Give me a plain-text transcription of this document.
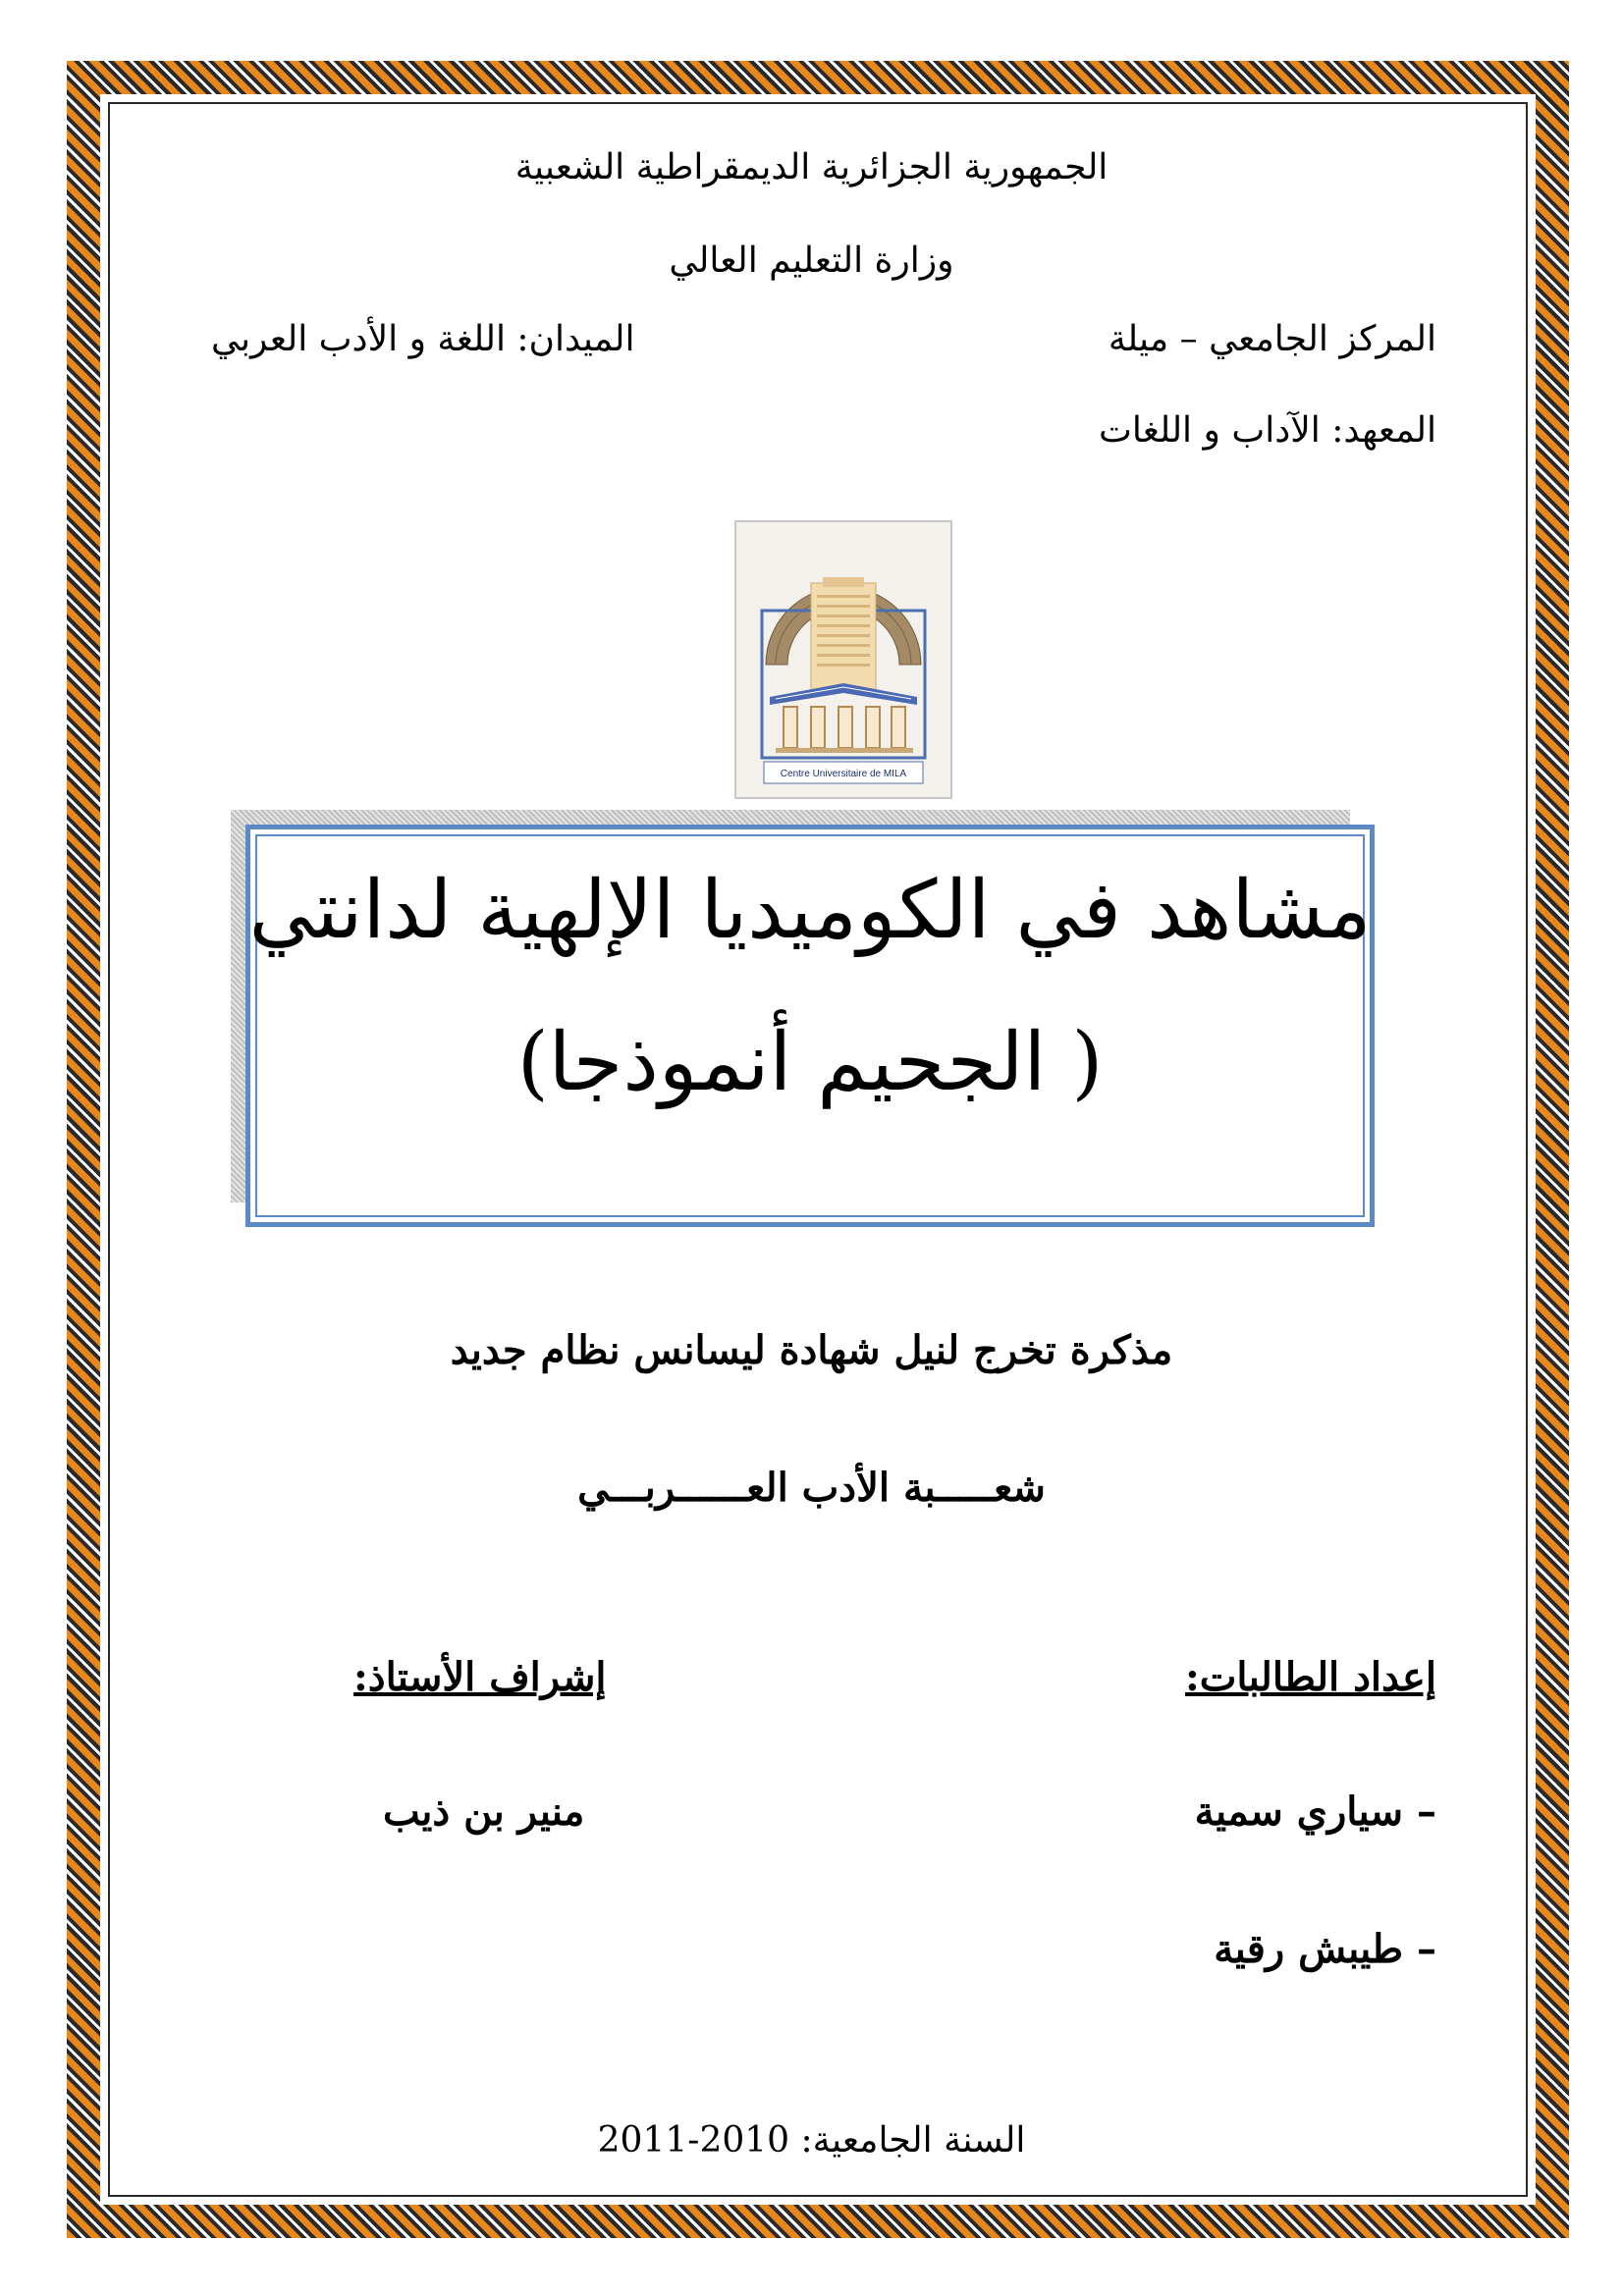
الجمهورية الجزائرية الديمقراطية الشعبية
وزارة التعليم العالي
المركز الجامعي – ميلة
الميدان: اللغة و الأدب العربي
المعهد: الآداب و اللغات
Centre Universitaire de MILA
مشاهد في الكوميديا الإلهية لدانتي
( الجحيم أنموذجا)
مذكرة تخرج لنيل شهادة ليسانس نظام جديد
شعـــــبة الأدب العــــــربـــي
إعداد الطالبات:
إشراف الأستاذ:
– سياري سمية
– طيبش رقية
منير بن ذيب
السنة الجامعية: 2010-2011
